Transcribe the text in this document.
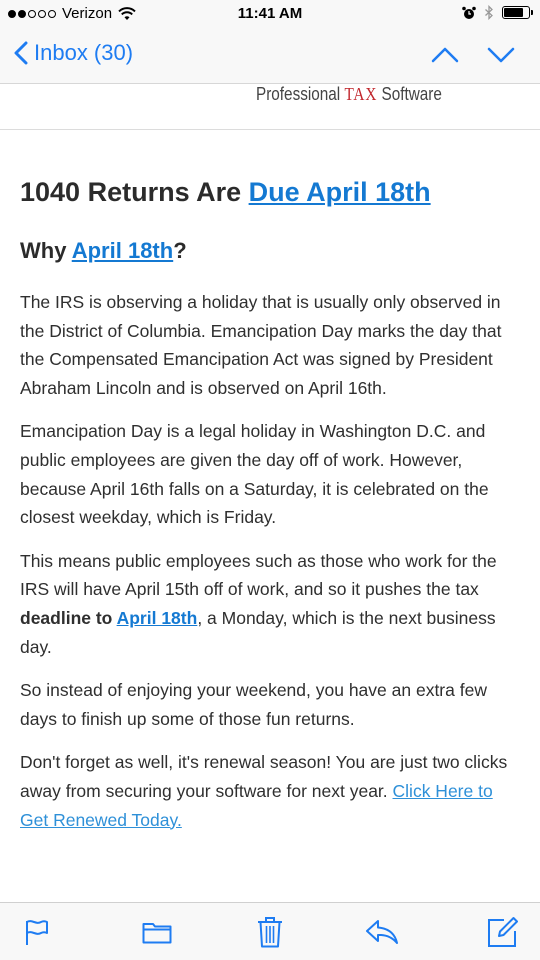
Verizon	11:41 AM
Inbox (30)
Professional TAX Software
1040 Returns Are Due April 18th
Why April 18th?

The IRS is observing a holiday that is usually only observed in the District of Columbia. Emancipation Day marks the day that the Compensated Emancipation Act was signed by President Abraham Lincoln and is observed on April 16th.

Emancipation Day is a legal holiday in Washington D.C. and public employees are given the day off of work. However, because April 16th falls on a Saturday, it is celebrated on the closest weekday, which is Friday.

This means public employees such as those who work for the IRS will have April 15th off of work, and so it pushes the tax deadline to April 18th, a Monday, which is the next business day.

So instead of enjoying your weekend, you have an extra few days to finish up some of those fun returns.

Don't forget as well, it's renewal season! You are just two clicks away from securing your software for next year. Click Here to Get Renewed Today.
